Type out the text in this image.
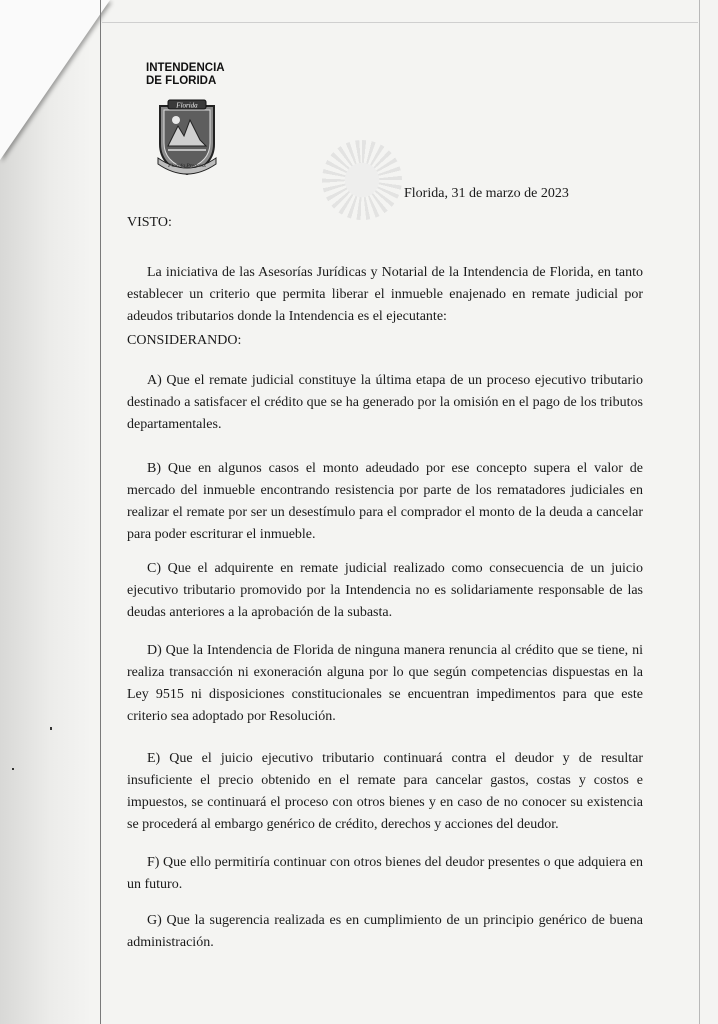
INTENDENCIA
DE FLORIDA
Florida
Florida Progress
Florida, 31 de marzo de 2023
VISTO:

La iniciativa de las Asesorías Jurídicas y Notarial de la Intendencia de Florida, en tanto establecer un criterio que permita liberar el inmueble enajenado en remate judicial por adeudos tributarios donde la Intendencia es el ejecutante:

CONSIDERANDO:

A) Que el remate judicial constituye la última etapa de un proceso ejecutivo tributario destinado a satisfacer el crédito que se ha generado por la omisión en el pago de los tributos departamentales.

B) Que en algunos casos el monto adeudado por ese concepto supera el valor de mercado del inmueble encontrando resistencia por parte de los rematadores judiciales en realizar el remate por ser un desestímulo para el comprador el monto de la deuda a cancelar para poder escriturar el inmueble.

C) Que el adquirente en remate judicial realizado como consecuencia de un juicio ejecutivo tributario promovido por la Intendencia no es solidariamente responsable de las deudas anteriores a la aprobación de la subasta.

D) Que la Intendencia de Florida de ninguna manera renuncia al crédito que se tiene, ni realiza transacción ni exoneración alguna por lo que según competencias dispuestas en la Ley 9515 ni disposiciones constitucionales se encuentran impedimentos para que este criterio sea adoptado por Resolución.

E) Que el juicio ejecutivo tributario continuará contra el deudor y de resultar insuficiente el precio obtenido en el remate para cancelar gastos, costas y costos e impuestos, se continuará el proceso con otros bienes y en caso de no conocer su existencia se procederá al embargo genérico de crédito, derechos y acciones del deudor.

F) Que ello permitiría continuar con otros bienes del deudor presentes o que adquiera en un futuro.

G) Que la sugerencia realizada es en cumplimiento de un principio genérico de buena administración.
